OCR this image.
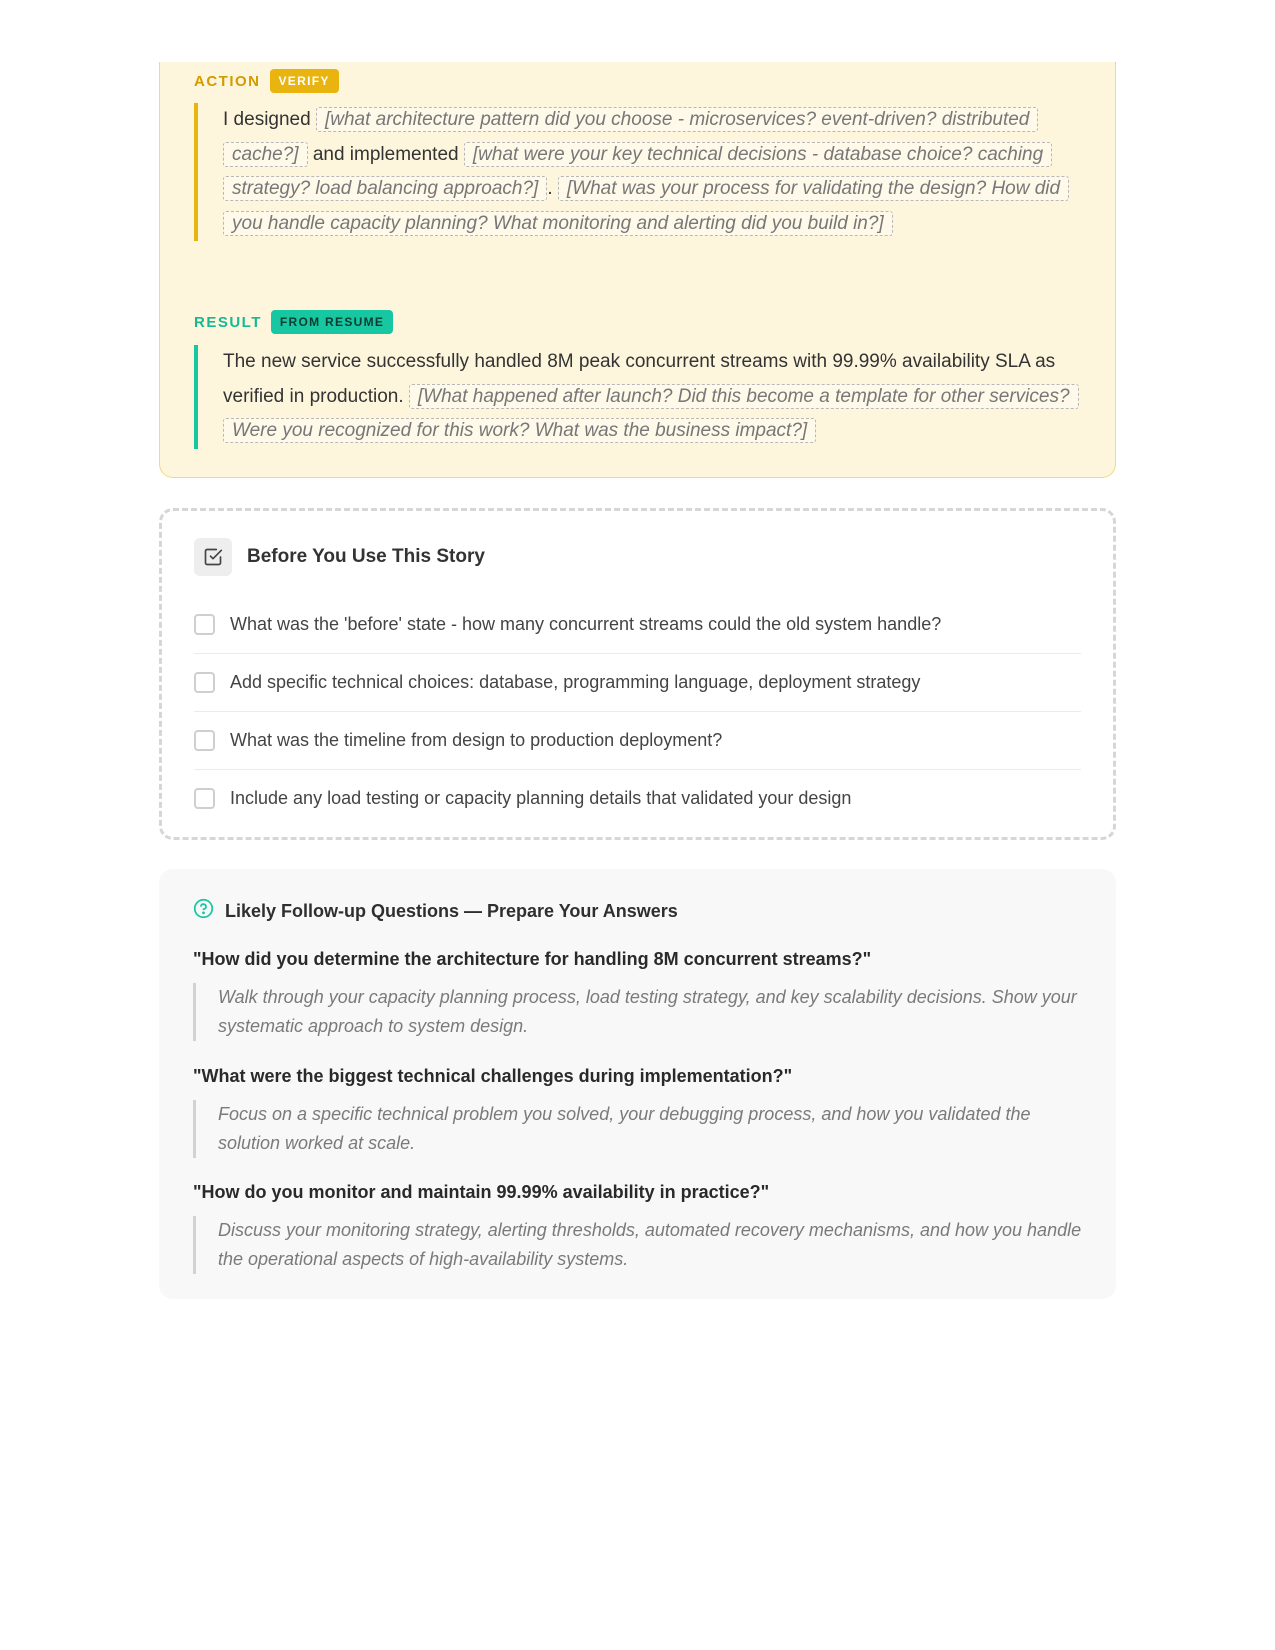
ACTION	VERIFY
I designed [what architecture pattern did you choose - microservices? event-driven? distributed cache?] and implemented [what were your key technical decisions - database choice? caching strategy? load balancing approach?] . [What was your process for validating the design? How did you handle capacity planning? What monitoring and alerting did you build in?]
RESULT	FROM RESUME
The new service successfully handled 8M peak concurrent streams with 99.99% availability SLA as verified in production. [What happened after launch? Did this become a template for other services? Were you recognized for this work? What was the business impact?]
Before You Use This Story
What was the 'before' state - how many concurrent streams could the old system handle?
Add specific technical choices: database, programming language, deployment strategy
What was the timeline from design to production deployment?
Include any load testing or capacity planning details that validated your design
Likely Follow-up Questions — Prepare Your Answers
"How did you determine the architecture for handling 8M concurrent streams?"
Walk through your capacity planning process, load testing strategy, and key scalability decisions. Show your systematic approach to system design.
"What were the biggest technical challenges during implementation?"
Focus on a specific technical problem you solved, your debugging process, and how you validated the solution worked at scale.
"How do you monitor and maintain 99.99% availability in practice?"
Discuss your monitoring strategy, alerting thresholds, automated recovery mechanisms, and how you handle the operational aspects of high-availability systems.
